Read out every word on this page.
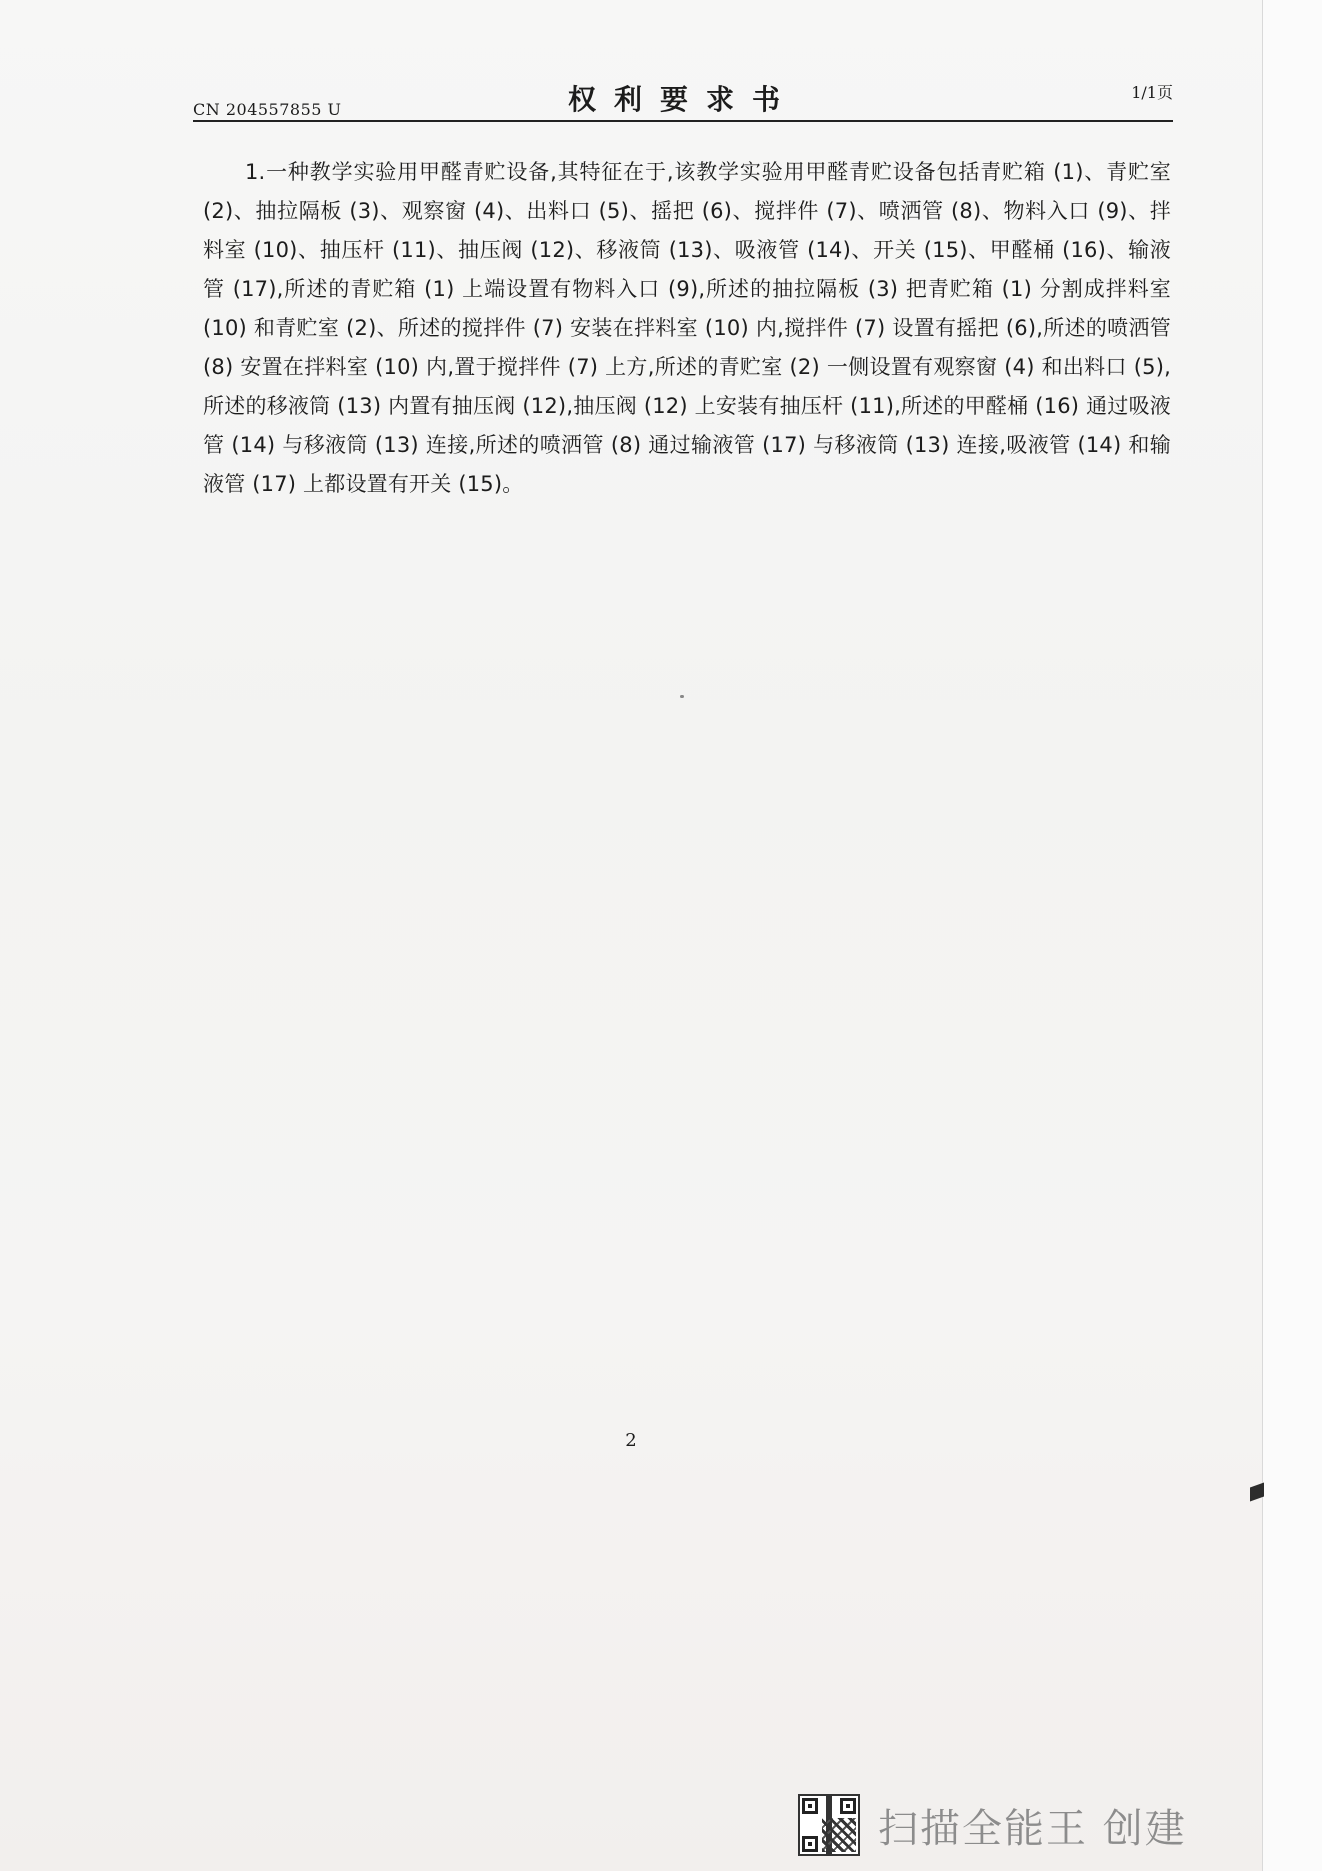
CN 204557855 U	权利要求书	1/1页

1.一种教学实验用甲醛青贮设备,其特征在于,该教学实验用甲醛青贮设备包括青贮箱 (1)、青贮室 (2)、抽拉隔板 (3)、观察窗 (4)、出料口 (5)、摇把 (6)、搅拌件 (7)、喷洒管 (8)、物料入口 (9)、拌料室 (10)、抽压杆 (11)、抽压阀 (12)、移液筒 (13)、吸液管 (14)、开关 (15)、甲醛桶 (16)、输液管 (17),所述的青贮箱 (1) 上端设置有物料入口 (9),所述的抽拉隔板 (3) 把青贮箱 (1) 分割成拌料室 (10) 和青贮室 (2)、所述的搅拌件 (7) 安装在拌料室 (10) 内,搅拌件 (7) 设置有摇把 (6),所述的喷洒管 (8) 安置在拌料室 (10) 内,置于搅拌件 (7) 上方,所述的青贮室 (2) 一侧设置有观察窗 (4) 和出料口 (5),所述的移液筒 (13) 内置有抽压阀 (12),抽压阀 (12) 上安装有抽压杆 (11),所述的甲醛桶 (16) 通过吸液管 (14) 与移液筒 (13) 连接,所述的喷洒管 (8) 通过输液管 (17) 与移液筒 (13) 连接,吸液管 (14) 和输液管 (17) 上都设置有开关 (15)。

2
扫描全能王 创建
